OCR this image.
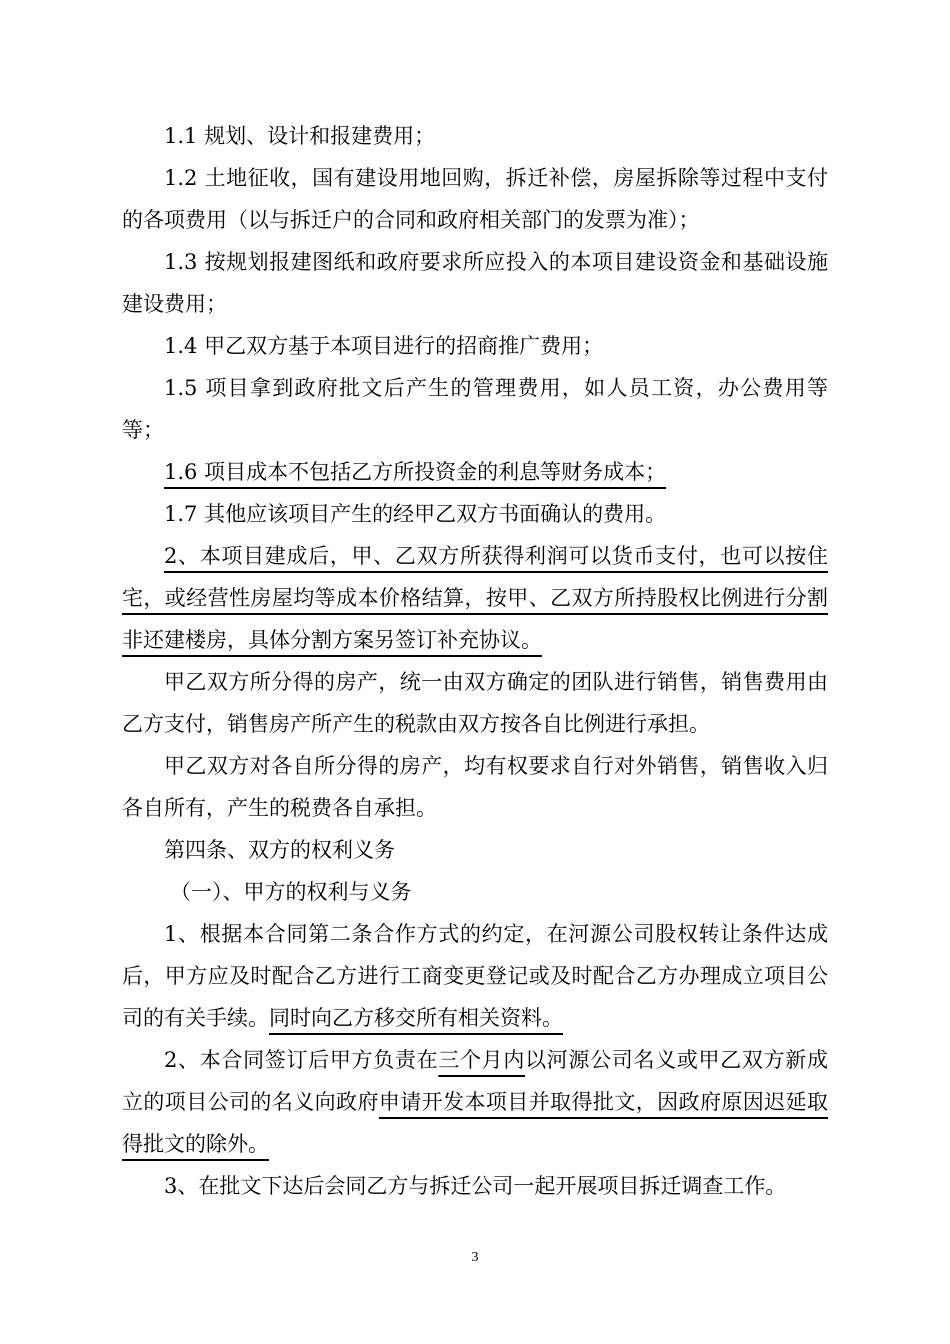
1.1 规划、设计和报建费用；

1.2 土地征收，国有建设用地回购，拆迁补偿，房屋拆除等过程中支付的各项费用（以与拆迁户的合同和政府相关部门的发票为准）；

1.3 按规划报建图纸和政府要求所应投入的本项目建设资金和基础设施建设费用；

1.4 甲乙双方基于本项目进行的招商推广费用；

1.5 项目拿到政府批文后产生的管理费用，如人员工资，办公费用等等；

1.6 项目成本不包括乙方所投资金的利息等财务成本；

1.7 其他应该项目产生的经甲乙双方书面确认的费用。

2、本项目建成后，甲、乙双方所获得利润可以货币支付，也可以按住宅，或经营性房屋均等成本价格结算，按甲、乙双方所持股权比例进行分割非还建楼房，具体分割方案另签订补充协议。

甲乙双方所分得的房产，统一由双方确定的团队进行销售，销售费用由乙方支付，销售房产所产生的税款由双方按各自比例进行承担。

甲乙双方对各自所分得的房产，均有权要求自行对外销售，销售收入归各自所有，产生的税费各自承担。

第四条、双方的权利义务

（一）、甲方的权利与义务

1、根据本合同第二条合作方式的约定，在河源公司股权转让条件达成后，甲方应及时配合乙方进行工商变更登记或及时配合乙方办理成立项目公司的有关手续。同时向乙方移交所有相关资料。

2、本合同签订后甲方负责在三个月内以河源公司名义或甲乙双方新成立的项目公司的名义向政府申请开发本项目并取得批文，因政府原因迟延取得批文的除外。

3、在批文下达后会同乙方与拆迁公司一起开展项目拆迁调查工作。

3
